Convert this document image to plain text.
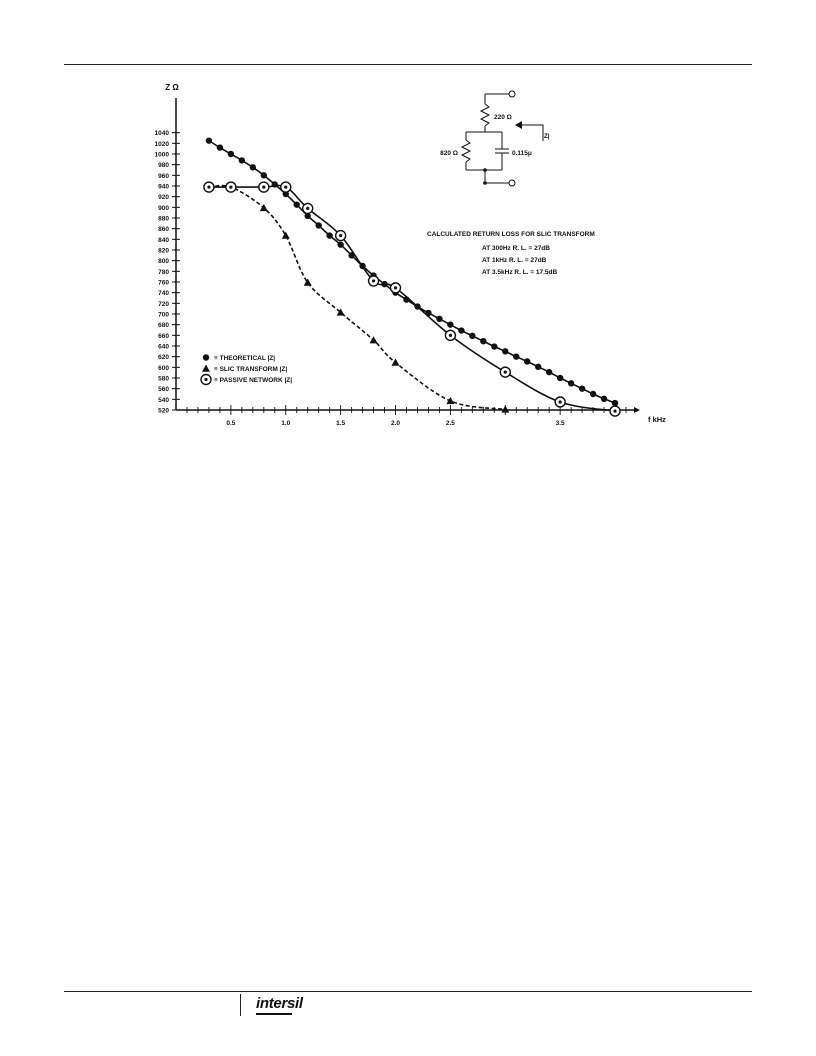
Z Ω
f kHz
520
540
560
580
600
620
640
660
680
700
720
740
760
780
800
820
840
860
880
900
920
940
960
980
1000
1020
1040
0.5	1.0	1.5	2.0	2.5	3.5
≡ THEORETICAL |Z|
≡ SLIC TRANSFORM |Z|
≡ PASSIVE NETWORK |Z|
CALCULATED RETURN LOSS FOR SLIC TRANSFORM
AT 300Hz R. L. = 27dB
AT 1kHz R. L. = 27dB
AT 3.5kHz R. L. = 17.5dB
220 Ω
820 Ω	0.115μ
|Z|
intersil
